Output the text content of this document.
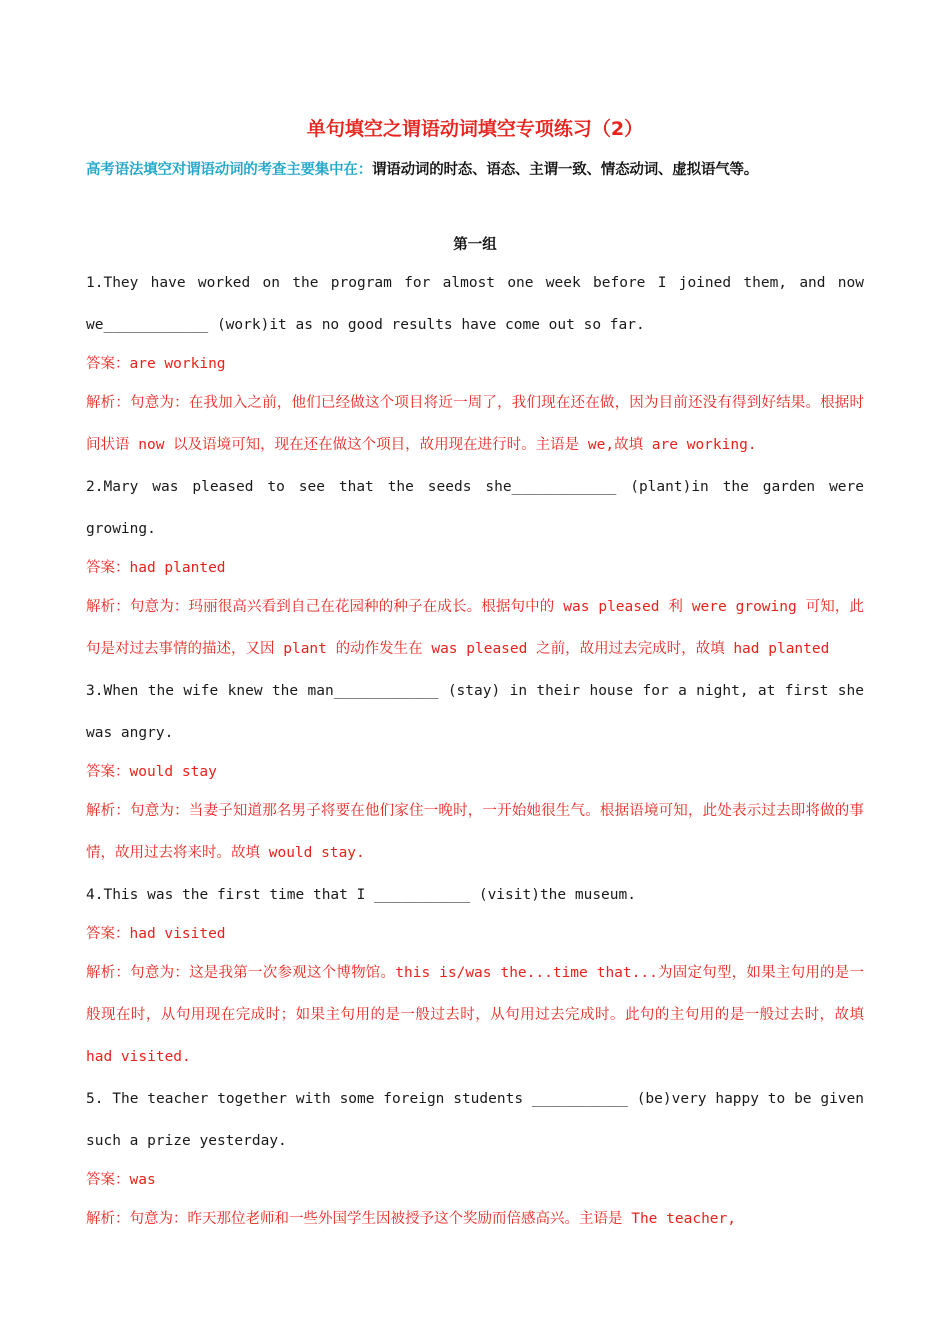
单句填空之谓语动词填空专项练习（2）
高考语法填空对谓语动词的考查主要集中在：谓语动词的时态、语态、主谓一致、情态动词、虚拟语气等。
第一组

1.They have worked on the program for almost one week before I joined them, and now we____________ (work)it as no good results have come out so far.

答案：are working

解析：句意为：在我加入之前，他们已经做这个项目将近一周了，我们现在还在做，因为目前还没有得到好结果。根据时间状语 now 以及语境可知，现在还在做这个项目，故用现在进行时。主语是 we,故填 are working.

2.Mary was pleased to see that the seeds she____________ (plant)in the garden were growing.

答案：had planted

解析：句意为：玛丽很高兴看到自己在花园种的种子在成长。根据句中的 was pleased 利 were growing 可知，此句是对过去事情的描述，又因 plant 的动作发生在 was pleased 之前，故用过去完成时，故填 had planted

3.When the wife knew the man____________ (stay) in their house for a night, at first she was angry.

答案：would stay

解析：句意为：当妻子知道那名男子将要在他们家住一晚时，一开始她很生气。根据语境可知，此处表示过去即将做的事情，故用过去将来时。故填 would stay.

4.This was the first time that I ___________ (visit)the museum.

答案：had visited

解析：句意为：这是我第一次参观这个博物馆。this is/was the...time that...为固定句型，如果主句用的是一般现在时，从句用现在完成时；如果主句用的是一般过去时，从句用过去完成时。此句的主句用的是一般过去时，故填 had visited.

5. The teacher together with some foreign students ___________ (be)very happy to be given such a prize yesterday.

答案：was

解析：句意为：昨天那位老师和一些外国学生因被授予这个奖励而倍感高兴。主语是 The teacher,
